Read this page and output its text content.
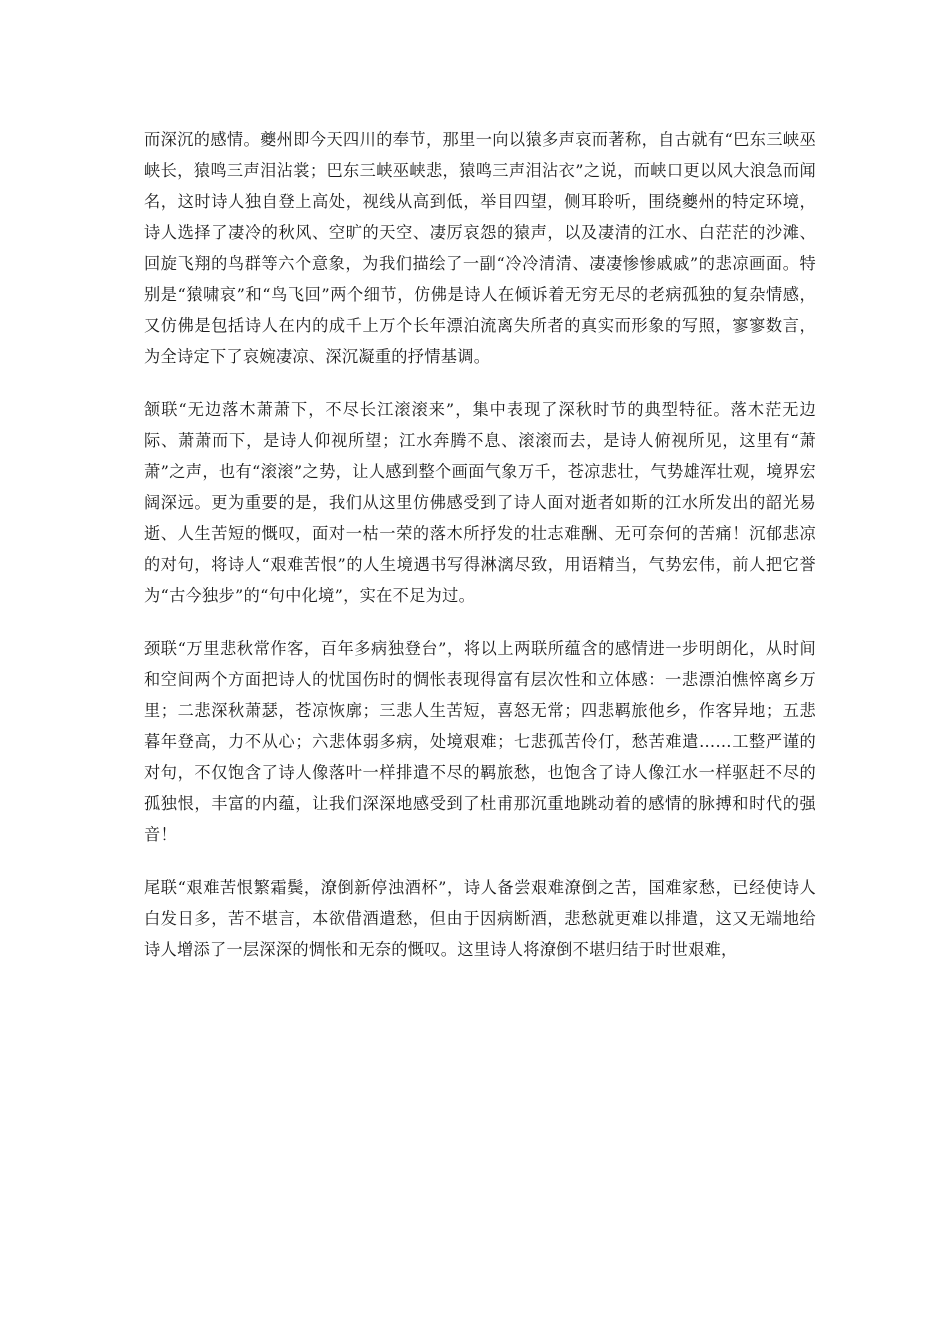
而深沉的感情。夔州即今天四川的奉节，那里一向以猿多声哀而著称，自古就有“巴东三峡巫峡长，猿鸣三声泪沾裳；巴东三峡巫峡悲，猿鸣三声泪沾衣”之说，而峡口更以风大浪急而闻名，这时诗人独自登上高处，视线从高到低，举目四望，侧耳聆听，围绕夔州的特定环境，诗人选择了凄冷的秋风、空旷的天空、凄厉哀怨的猿声，以及凄清的江水、白茫茫的沙滩、回旋飞翔的鸟群等六个意象，为我们描绘了一副“冷冷清清、凄凄惨惨戚戚”的悲凉画面。特别是“猿啸哀”和“鸟飞回”两个细节，仿佛是诗人在倾诉着无穷无尽的老病孤独的复杂情感，又仿佛是包括诗人在内的成千上万个长年漂泊流离失所者的真实而形象的写照，寥寥数言，为全诗定下了哀婉凄凉、深沉凝重的抒情基调。

颔联“无边落木萧萧下，不尽长江滚滚来”，集中表现了深秋时节的典型特征。落木茫无边际、萧萧而下，是诗人仰视所望；江水奔腾不息、滚滚而去，是诗人俯视所见，这里有“萧萧”之声，也有“滚滚”之势，让人感到整个画面气象万千，苍凉悲壮，气势雄浑壮观，境界宏阔深远。更为重要的是，我们从这里仿佛感受到了诗人面对逝者如斯的江水所发出的韶光易逝、人生苦短的慨叹，面对一枯一荣的落木所抒发的壮志难酬、无可奈何的苦痛！沉郁悲凉的对句，将诗人“艰难苦恨”的人生境遇书写得淋漓尽致，用语精当，气势宏伟，前人把它誉为“古今独步”的“句中化境”，实在不足为过。

颈联“万里悲秋常作客，百年多病独登台”，将以上两联所蕴含的感情进一步明朗化，从时间和空间两个方面把诗人的忧国伤时的惆怅表现得富有层次性和立体感：一悲漂泊憔悴离乡万里；二悲深秋萧瑟，苍凉恢廓；三悲人生苦短，喜怒无常；四悲羁旅他乡，作客异地；五悲暮年登高，力不从心；六悲体弱多病，处境艰难；七悲孤苦伶仃，愁苦难遣……工整严谨的对句，不仅饱含了诗人像落叶一样排遣不尽的羁旅愁，也饱含了诗人像江水一样驱赶不尽的孤独恨，丰富的内蕴，让我们深深地感受到了杜甫那沉重地跳动着的感情的脉搏和时代的强音！

尾联“艰难苦恨繁霜鬓，潦倒新停浊酒杯”，诗人备尝艰难潦倒之苦，国难家愁，已经使诗人白发日多，苦不堪言，本欲借酒遣愁，但由于因病断酒，悲愁就更难以排遣，这又无端地给诗人增添了一层深深的惆怅和无奈的慨叹。这里诗人将潦倒不堪归结于时世艰难，
